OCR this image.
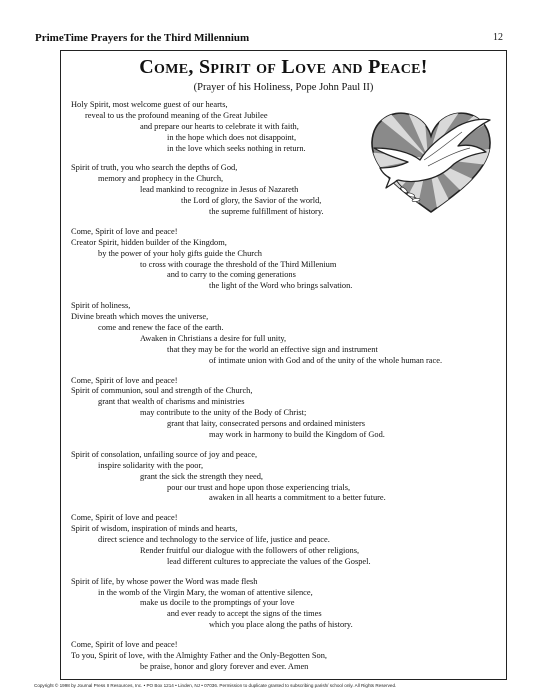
PrimeTime Prayers for the Third Millennium	12
Come, Spirit of Love and Peace!
(Prayer of his Holiness, Pope John Paul II)
Holy Spirit, most welcome guest of our hearts,
reveal to us the profound meaning of the Great Jubilee
and prepare our hearts to celebrate it with faith,
in the hope which does not disappoint,
in the love which seeks nothing in return.
Spirit of truth, you who search the depths of God,
memory and prophecy in the Church,
lead mankind to recognize in Jesus of Nazareth
the Lord of glory, the Savior of the world,
the supreme fulfillment of history.
Come, Spirit of love and peace!
Creator Spirit, hidden builder of the Kingdom,
by the power of your holy gifts guide the Church
to cross with courage the threshold of the Third Millenium
and to carry to the coming generations
the light of the Word who brings salvation.
Spirit of holiness,
Divine breath which moves the universe,
come and renew the face of the earth.
Awaken in Christians a desire for full unity,
that they may be for the world an effective sign and instrument
of intimate union with God and of the unity of the whole human race.
Come, Spirit of love and peace!
Spirit of communion, soul and strength of the Church,
grant that wealth of charisms and ministries
may contribute to the unity of the Body of Christ;
grant that laity, consecrated persons and ordained ministers
may work in harmony to build the Kingdom of God.
Spirit of consolation, unfailing source of joy and peace,
inspire solidarity with the poor,
grant the sick the strength they need,
pour our trust and hope upon those experiencing trials,
awaken in all hearts a commitment to a better future.
Come, Spirit of love and peace!
Spirit of wisdom, inspiration of minds and hearts,
direct science and technology to the service of life, justice and peace.
Render fruitful our dialogue with the followers of other religions,
lead different cultures to appreciate the values of the Gospel.
Spirit of life, by whose power the Word was made flesh
in the womb of the Virgin Mary, the woman of attentive silence,
make us docile to the promptings of your love
and ever ready to accept the signs of the times
which you place along the paths of history.
Come, Spirit of love and peace!
To you, Spirit of love, with the Almighty Father and the Only-Begotten Son,
be praise, honor and glory forever and ever. Amen
Copyright © 1998 by Journal Press II Resources, Inc. • PO Box 1214 • Linden, NJ • 07036. Permission to duplicate granted to subscribing parish/ school only. All Rights Reserved.
